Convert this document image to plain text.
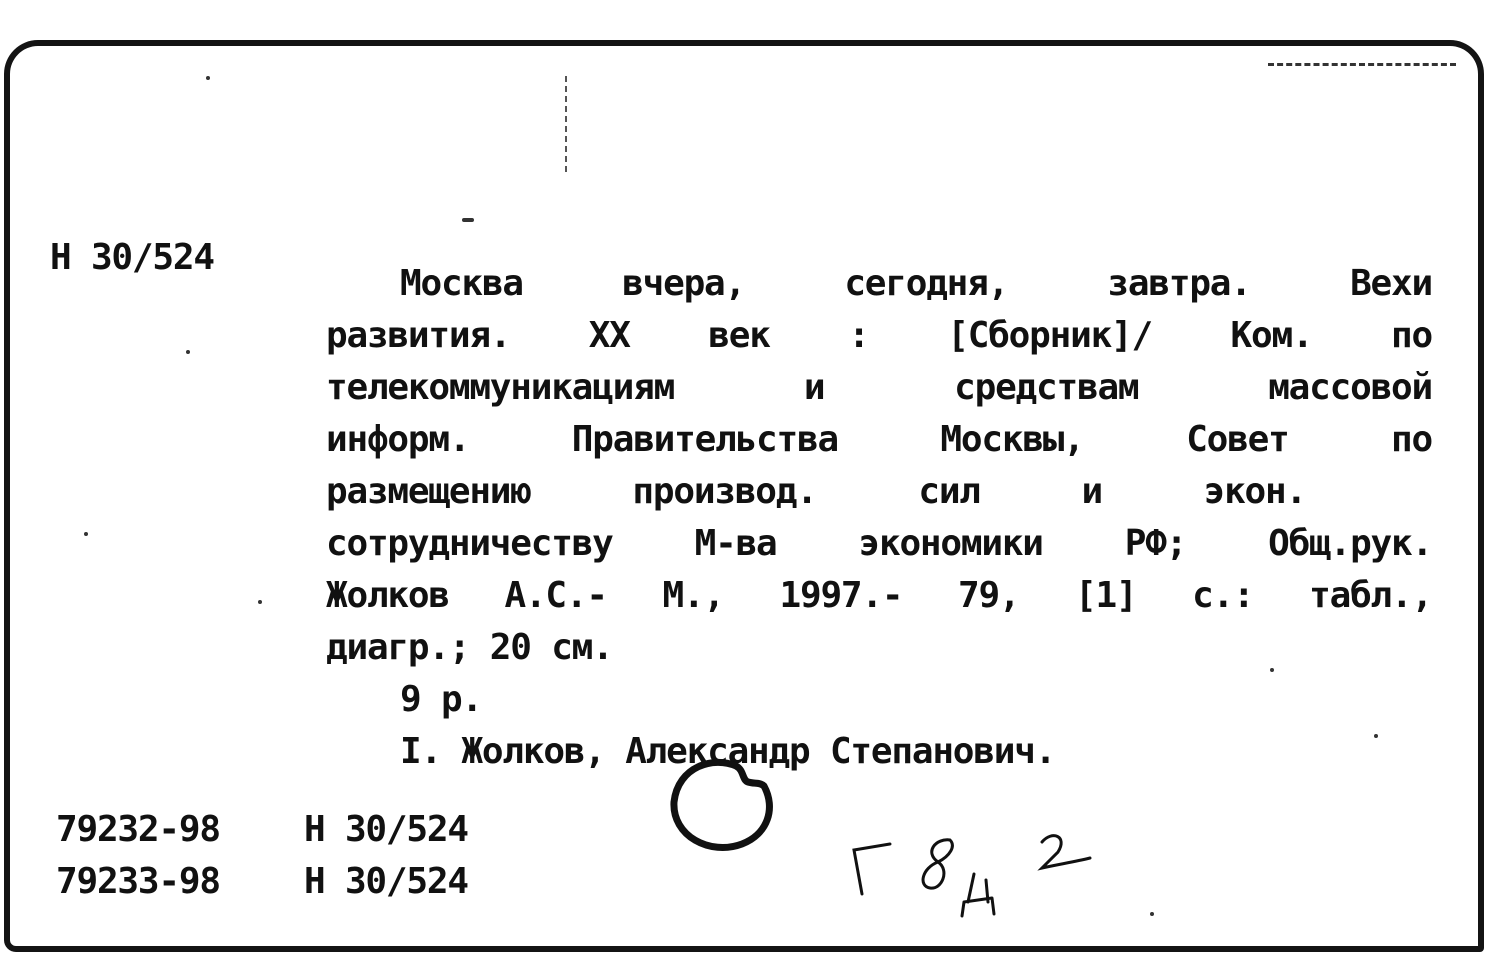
Н 30/524
Москва	вчера,	сегодня,	завтра.	Вехи
развития. XX век : [Сборник]/ Ком. по
телекоммуникациям	и	средствам	массовой
информ.	Правительства	Москвы,	Совет	по
размещению	производ.	сил	и	экон.
сотрудничеству М-ва экономики РФ; Общ.рук.
Жолков А.С.- М., 1997.- 79, [1] с.: табл.,
диагр.; 20 см.
9 р.
I. Жолков, Александр Степанович.
79232-98 Н 30/524
79233-98 Н 30/524
